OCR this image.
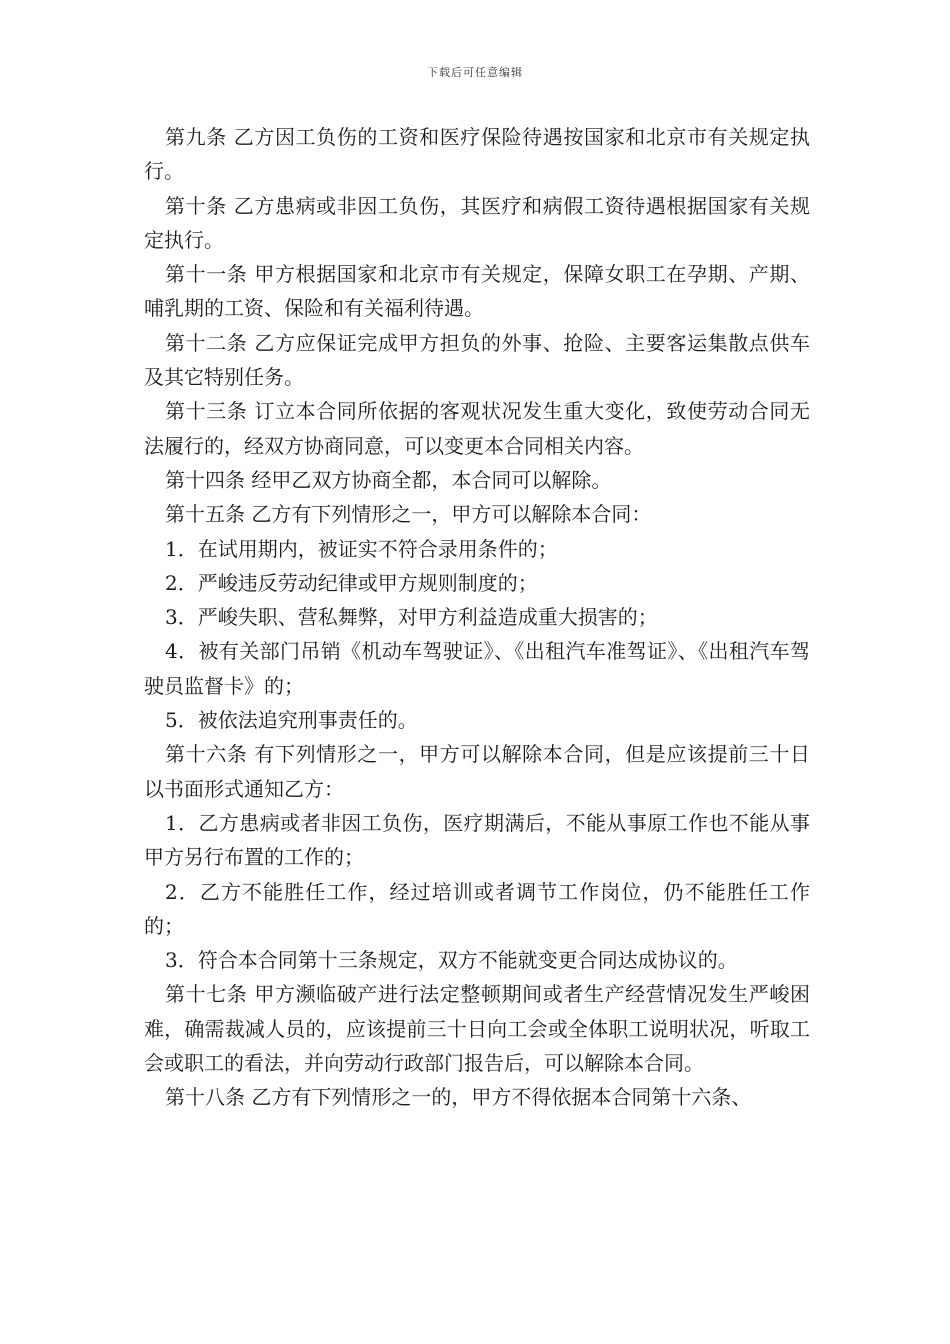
下载后可任意编辑

第九条 乙方因工负伤的工资和医疗保险待遇按国家和北京市有关规定执行。

第十条 乙方患病或非因工负伤，其医疗和病假工资待遇根据国家有关规定执行。

第十一条 甲方根据国家和北京市有关规定，保障女职工在孕期、产期、哺乳期的工资、保险和有关福利待遇。

第十二条 乙方应保证完成甲方担负的外事、抢险、主要客运集散点供车及其它特别任务。

第十三条 订立本合同所依据的客观状况发生重大变化，致使劳动合同无法履行的，经双方协商同意，可以变更本合同相关内容。

第十四条 经甲乙双方协商全都，本合同可以解除。

第十五条 乙方有下列情形之一，甲方可以解除本合同：

1．在试用期内，被证实不符合录用条件的；

2．严峻违反劳动纪律或甲方规则制度的；

3．严峻失职、营私舞弊，对甲方利益造成重大损害的；

4．被有关部门吊销《机动车驾驶证》、《出租汽车准驾证》、《出租汽车驾驶员监督卡》的；

5．被依法追究刑事责任的。

第十六条 有下列情形之一，甲方可以解除本合同，但是应该提前三十日以书面形式通知乙方：

1．乙方患病或者非因工负伤，医疗期满后，不能从事原工作也不能从事甲方另行布置的工作的；

2．乙方不能胜任工作，经过培训或者调节工作岗位，仍不能胜任工作的；

3．符合本合同第十三条规定，双方不能就变更合同达成协议的。

第十七条 甲方濒临破产进行法定整顿期间或者生产经营情况发生严峻困难，确需裁减人员的，应该提前三十日向工会或全体职工说明状况，听取工会或职工的看法，并向劳动行政部门报告后，可以解除本合同。

第十八条 乙方有下列情形之一的，甲方不得依据本合同第十六条、
